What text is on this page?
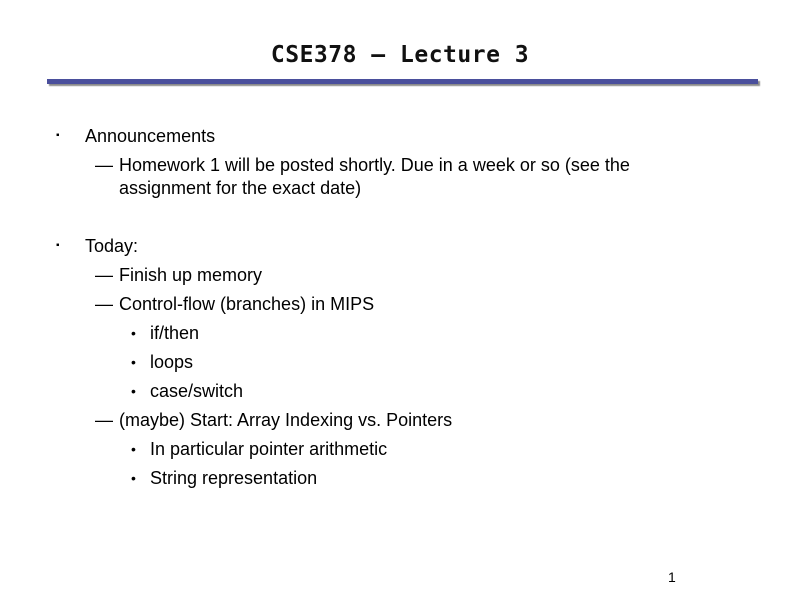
CSE378 – Lecture 3
▪ Announcements
— Homework 1 will be posted shortly. Due in a week or so (see the
assignment for the exact date)
▪ Today:
— Finish up memory
— Control-flow (branches) in MIPS
• if/then
• loops
• case/switch
— (maybe) Start: Array Indexing vs. Pointers
• In particular pointer arithmetic
• String representation
1
